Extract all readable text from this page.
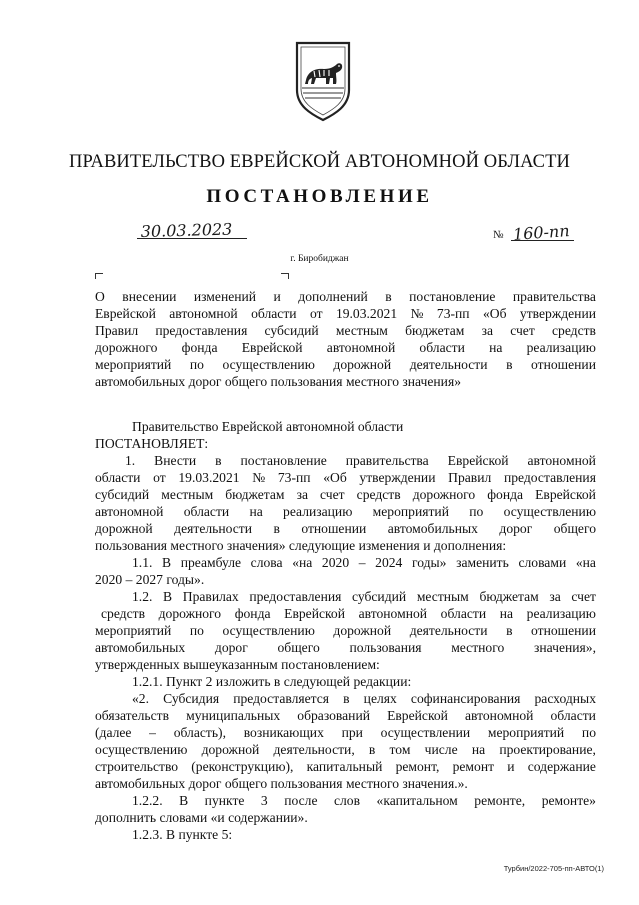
ПРАВИТЕЛЬСТВО ЕВРЕЙСКОЙ АВТОНОМНОЙ ОБЛАСТИ
ПОСТАНОВЛЕНИЕ
30.03.2023	№ 160-пп
г. Биробиджан
О внесении изменений и дополнений в постановление правительства
Еврейской автономной области от 19.03.2021 № 73-пп «Об утверждении
Правил предоставления субсидий местным бюджетам за счет средств
дорожного фонда Еврейской автономной области на реализацию
мероприятий по осуществлению дорожной деятельности в отношении
автомобильных дорог общего пользования местного значения»
Правительство Еврейской автономной области
ПОСТАНОВЛЯЕТ:
1. Внести в постановление правительства Еврейской автономной
области от 19.03.2021 № 73-пп «Об утверждении Правил предоставления
субсидий местным бюджетам за счет средств дорожного фонда Еврейской
автономной области на реализацию мероприятий по осуществлению
дорожной деятельности в отношении автомобильных дорог общего
пользования местного значения» следующие изменения и дополнения:
1.1. В преамбуле слова «на 2020 – 2024 годы» заменить словами «на
2020 – 2027 годы».
1.2. В Правилах предоставления субсидий местным бюджетам за счет
средств дорожного фонда Еврейской автономной области на реализацию
мероприятий по осуществлению дорожной деятельности в отношении
автомобильных дорог общего пользования местного значения»,
утвержденных вышеуказанным постановлением:
1.2.1. Пункт 2 изложить в следующей редакции:
«2. Субсидия предоставляется в целях софинансирования расходных
обязательств муниципальных образований Еврейской автономной области
(далее – область), возникающих при осуществлении мероприятий по
осуществлению дорожной деятельности, в том числе на проектирование,
строительство (реконструкцию), капитальный ремонт, ремонт и содержание
автомобильных дорог общего пользования местного значения.».
1.2.2. В пункте 3 после слов «капитальном ремонте, ремонте»
дополнить словами «и содержании».
1.2.3. В пункте 5:
Турбин/2022-705-пп-АВТО(1)
